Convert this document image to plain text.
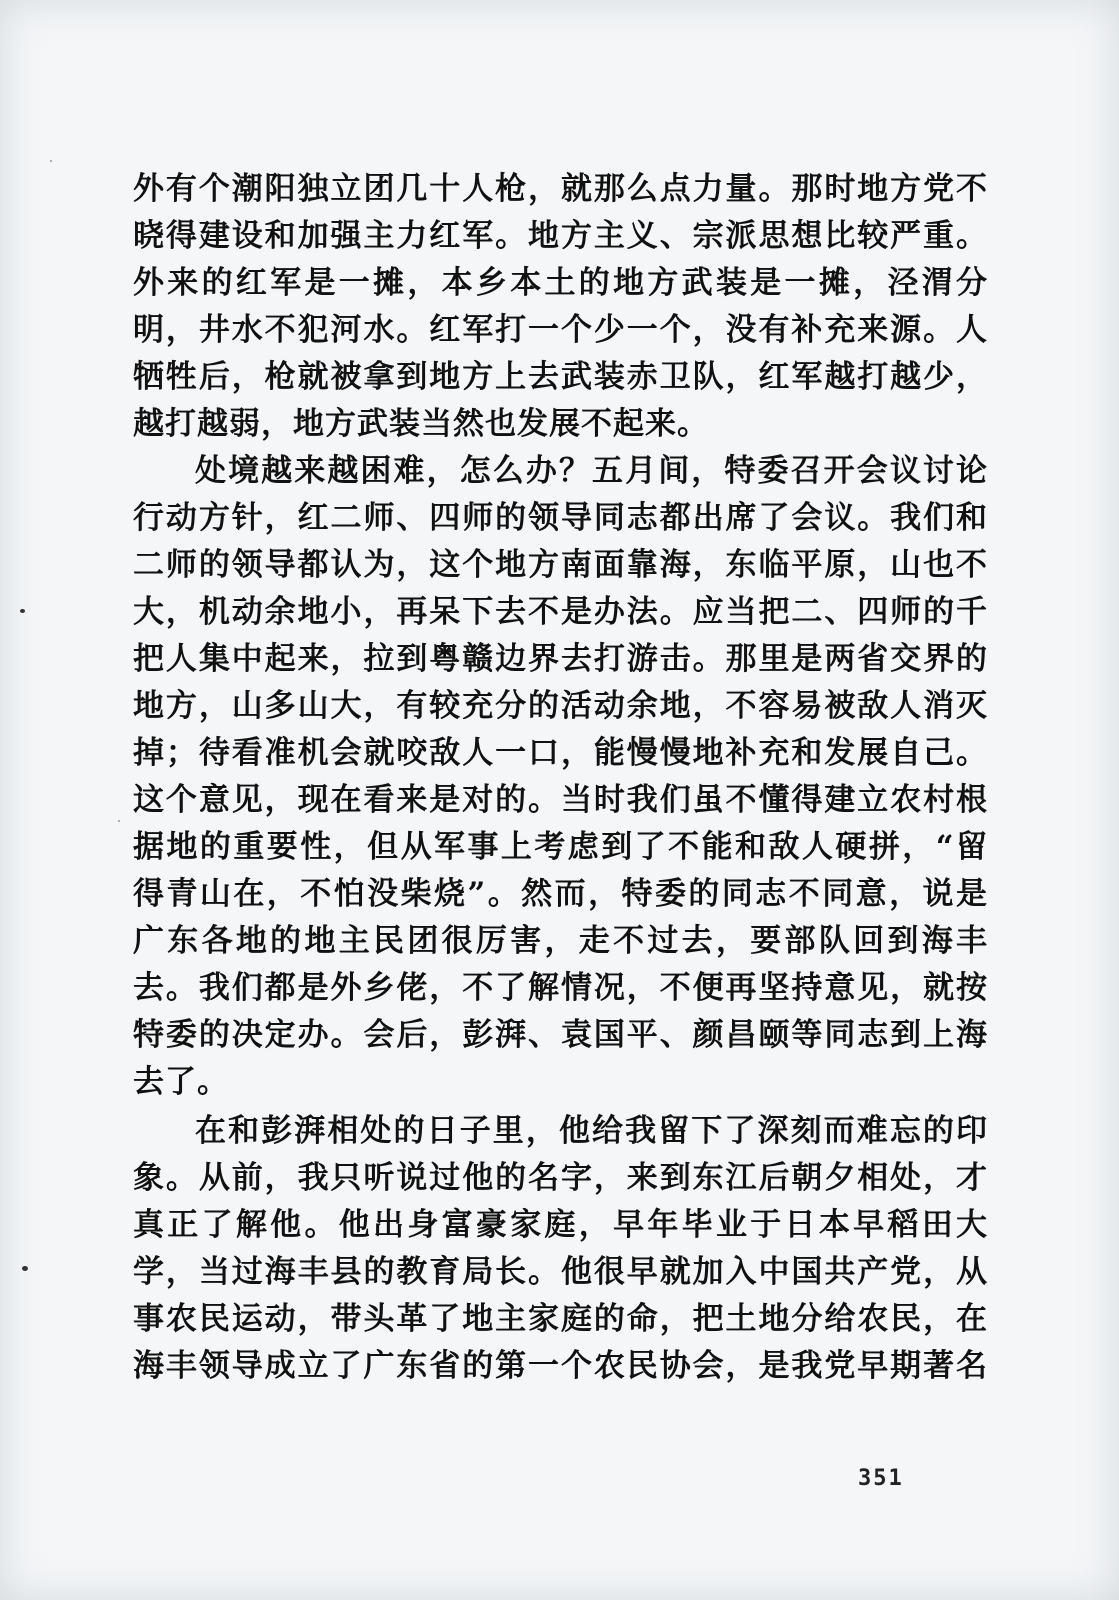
外有个潮阳独立团几十人枪，就那么点力量。那时地方党不
晓得建设和加强主力红军。地方主义、宗派思想比较严重。
外来的红军是一摊，本乡本土的地方武装是一摊，泾渭分
明，井水不犯河水。红军打一个少一个，没有补充来源。人
牺牲后，枪就被拿到地方上去武装赤卫队，红军越打越少，
越打越弱，地方武装当然也发展不起来。
处境越来越困难，怎么办？五月间，特委召开会议讨论
行动方针，红二师、四师的领导同志都出席了会议。我们和
二师的领导都认为，这个地方南面靠海，东临平原，山也不
大，机动余地小，再呆下去不是办法。应当把二、四师的千
把人集中起来，拉到粤赣边界去打游击。那里是两省交界的
地方，山多山大，有较充分的活动余地，不容易被敌人消灭
掉；待看准机会就咬敌人一口，能慢慢地补充和发展自己。
这个意见，现在看来是对的。当时我们虽不懂得建立农村根
据地的重要性，但从军事上考虑到了不能和敌人硬拼，“留
得青山在，不怕没柴烧”。然而，特委的同志不同意，说是
广东各地的地主民团很厉害，走不过去，要部队回到海丰
去。我们都是外乡佬，不了解情况，不便再坚持意见，就按
特委的决定办。会后，彭湃、袁国平、颜昌颐等同志到上海
去了。
在和彭湃相处的日子里，他给我留下了深刻而难忘的印
象。从前，我只听说过他的名字，来到东江后朝夕相处，才
真正了解他。他出身富豪家庭，早年毕业于日本早稻田大
学，当过海丰县的教育局长。他很早就加入中国共产党，从
事农民运动，带头革了地主家庭的命，把土地分给农民，在
海丰领导成立了广东省的第一个农民协会，是我党早期著名
351
